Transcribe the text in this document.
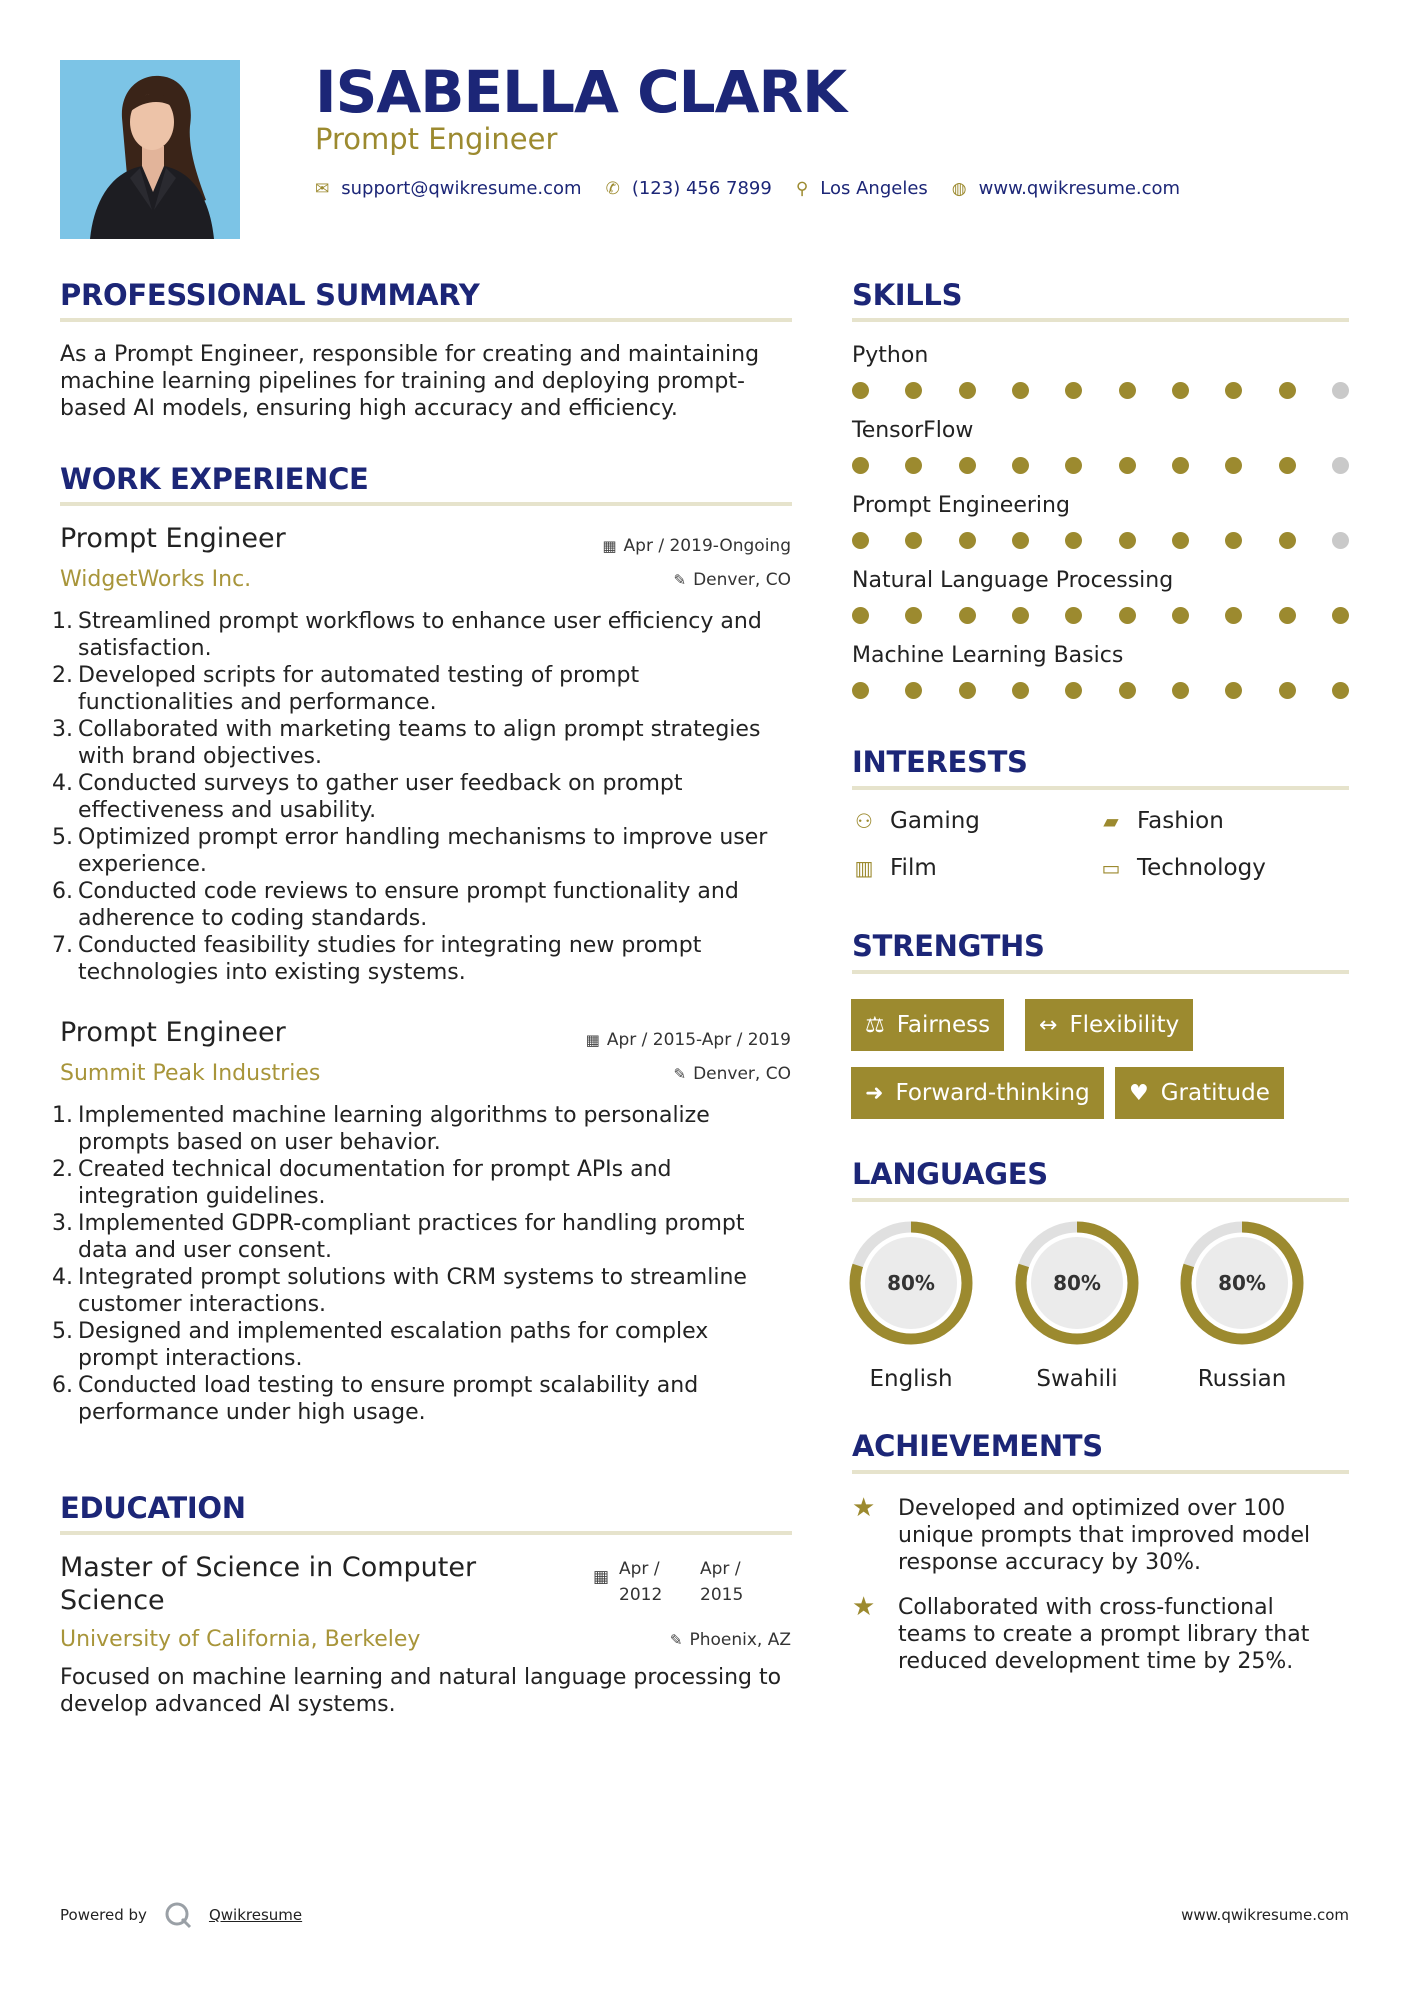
ISABELLA CLARK
Prompt Engineer
✉ support@qwikresume.com ✆ (123) 456 7899 ⚲ Los Angeles ◍ www.qwikresume.com
PROFESSIONAL SUMMARY
As a Prompt Engineer, responsible for creating and maintaining machine learning pipelines for training and deploying prompt-based AI models, ensuring high accuracy and efficiency.
WORK EXPERIENCE
Prompt Engineer
WidgetWorks Inc.
▦ Apr / 2019-Ongoing
✎ Denver, CO
1. Streamlined prompt workflows to enhance user efficiency and satisfaction.
2. Developed scripts for automated testing of prompt functionalities and performance.
3. Collaborated with marketing teams to align prompt strategies with brand objectives.
4. Conducted surveys to gather user feedback on prompt effectiveness and usability.
5. Optimized prompt error handling mechanisms to improve user experience.
6. Conducted code reviews to ensure prompt functionality and adherence to coding standards.
7. Conducted feasibility studies for integrating new prompt technologies into existing systems.
Prompt Engineer
Summit Peak Industries
▦ Apr / 2015-Apr / 2019
✎ Denver, CO
1. Implemented machine learning algorithms to personalize prompts based on user behavior.
2. Created technical documentation for prompt APIs and integration guidelines.
3. Implemented GDPR-compliant practices for handling prompt data and user consent.
4. Integrated prompt solutions with CRM systems to streamline customer interactions.
5. Designed and implemented escalation paths for complex prompt interactions.
6. Conducted load testing to ensure prompt scalability and performance under high usage.
EDUCATION
Master of Science in Computer Science
University of California, Berkeley
▦ Apr / 2012
Apr / 2015
✎ Phoenix, AZ
Focused on machine learning and natural language processing to develop advanced AI systems.
SKILLS
Python
TensorFlow
Prompt Engineering
Natural Language Processing
Machine Learning Basics
INTERESTS
⚇ Gaming	▰ Fashion
▥ Film	▭ Technology
STRENGTHS
⚖ Fairness ↔ Flexibility
➜ Forward-thinking ♥ Gratitude
LANGUAGES
80%
English
80%
Swahili
80%
Russian
ACHIEVEMENTS
★	Developed and optimized over 100 unique prompts that improved model response accuracy by 30%.
★	Collaborated with cross-functional teams to create a prompt library that reduced development time by 25%.
Powered by	Qwikresume	www.qwikresume.com
